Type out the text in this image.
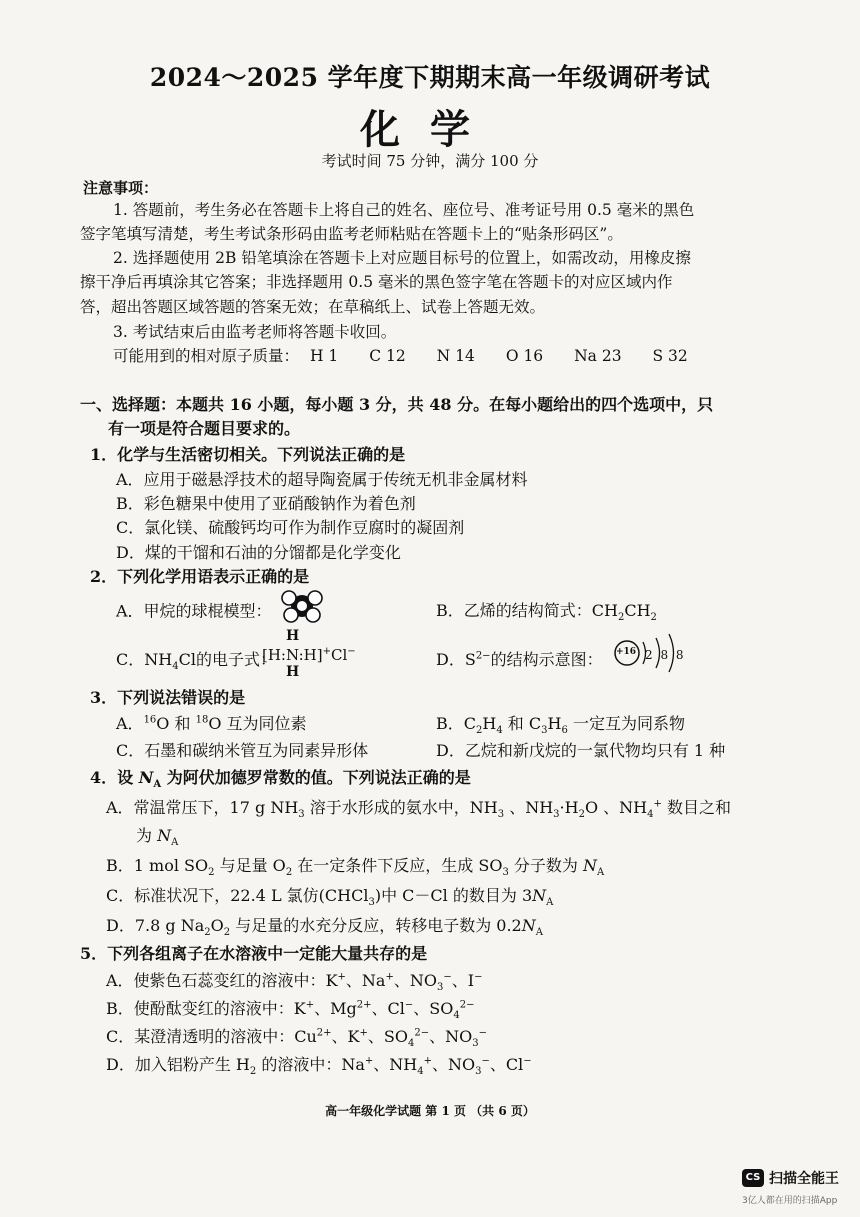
2024～2025 学年度下期期末高一年级调研考试
化学
考试时间 75 分钟，满分 100 分
注意事项：
1. 答题前，考生务必在答题卡上将自己的姓名、座位号、准考证号用 0.5 毫米的黑色
签字笔填写清楚，考生考试条形码由监考老师粘贴在答题卡上的“贴条形码区”。
2. 选择题使用 2B 铅笔填涂在答题卡上对应题目标号的位置上，如需改动，用橡皮擦
擦干净后再填涂其它答案；非选择题用 0.5 毫米的黑色签字笔在答题卡的对应区域内作
答，超出答题区域答题的答案无效；在草稿纸上、试卷上答题无效。
3. 考试结束后由监考老师将答题卡收回。
可能用到的相对原子质量： H 1 C 12 N 14 O 16 Na 23 S 32
一、选择题：本题共 16 小题，每小题 3 分，共 48 分。在每小题给出的四个选项中，只
有一项是符合题目要求的。
1．化学与生活密切相关。下列说法正确的是
A．应用于磁悬浮技术的超导陶瓷属于传统无机非金属材料
B．彩色糖果中使用了亚硝酸钠作为着色剂
C．氯化镁、硫酸钙均可作为制作豆腐时的凝固剂
D．煤的干馏和石油的分馏都是化学变化
2．下列化学用语表示正确的是
A．甲烷的球棍模型：	B．乙烯的结构简式：$CH_2CH_2$
C．$NH_4Cl$的电子式：
H
[H:N:H]+Cl−
H
D．$S^{2-}$的结构示意图： +16 2 8 8
3．下列说法错误的是
A．$^{16}$O 和 $^{18}$O 互为同位素	B．$C_2H_4$ 和 $C_3H_6$ 一定互为同系物
C．石墨和碳纳米管互为同素异形体	D．乙烷和新戊烷的一氯代物均只有 1 种
4．设 $N_A$ 为阿伏加德罗常数的值。下列说法正确的是
A．常温常压下，17 g $NH_3$ 溶于水形成的氨水中，$NH_3$ 、$NH_3\cdot H_2O$ 、$NH_4^+$ 数目之和
为 $N_A$
B．1 mol $SO_2$ 与足量 $O_2$ 在一定条件下反应，生成 $SO_3$ 分子数为 $N_A$
C．标准状况下，22.4 L 氯仿(CHCl$_3$)中 C－Cl 的数目为 $3N_A$
D．7.8 g $Na_2O_2$ 与足量的水充分反应，转移电子数为 $0.2N_A$
5．下列各组离子在水溶液中一定能大量共存的是
A．使紫色石蕊变红的溶液中：K+、Na+、$NO_3^-$、I−
B．使酚酞变红的溶液中：K+、$Mg^{2+}$、Cl−、$SO_4^{2-}$
C．某澄清透明的溶液中：$Cu^{2+}$、K+、$SO_4^{2-}$、$NO_3^-$
D．加入铝粉产生 $H_2$ 的溶液中：Na+、$NH_4^+$、$NO_3^-$、Cl−
高一年级化学试题 第 1 页 （共 6 页）
CS 扫描全能王
3亿人都在用的扫描App
